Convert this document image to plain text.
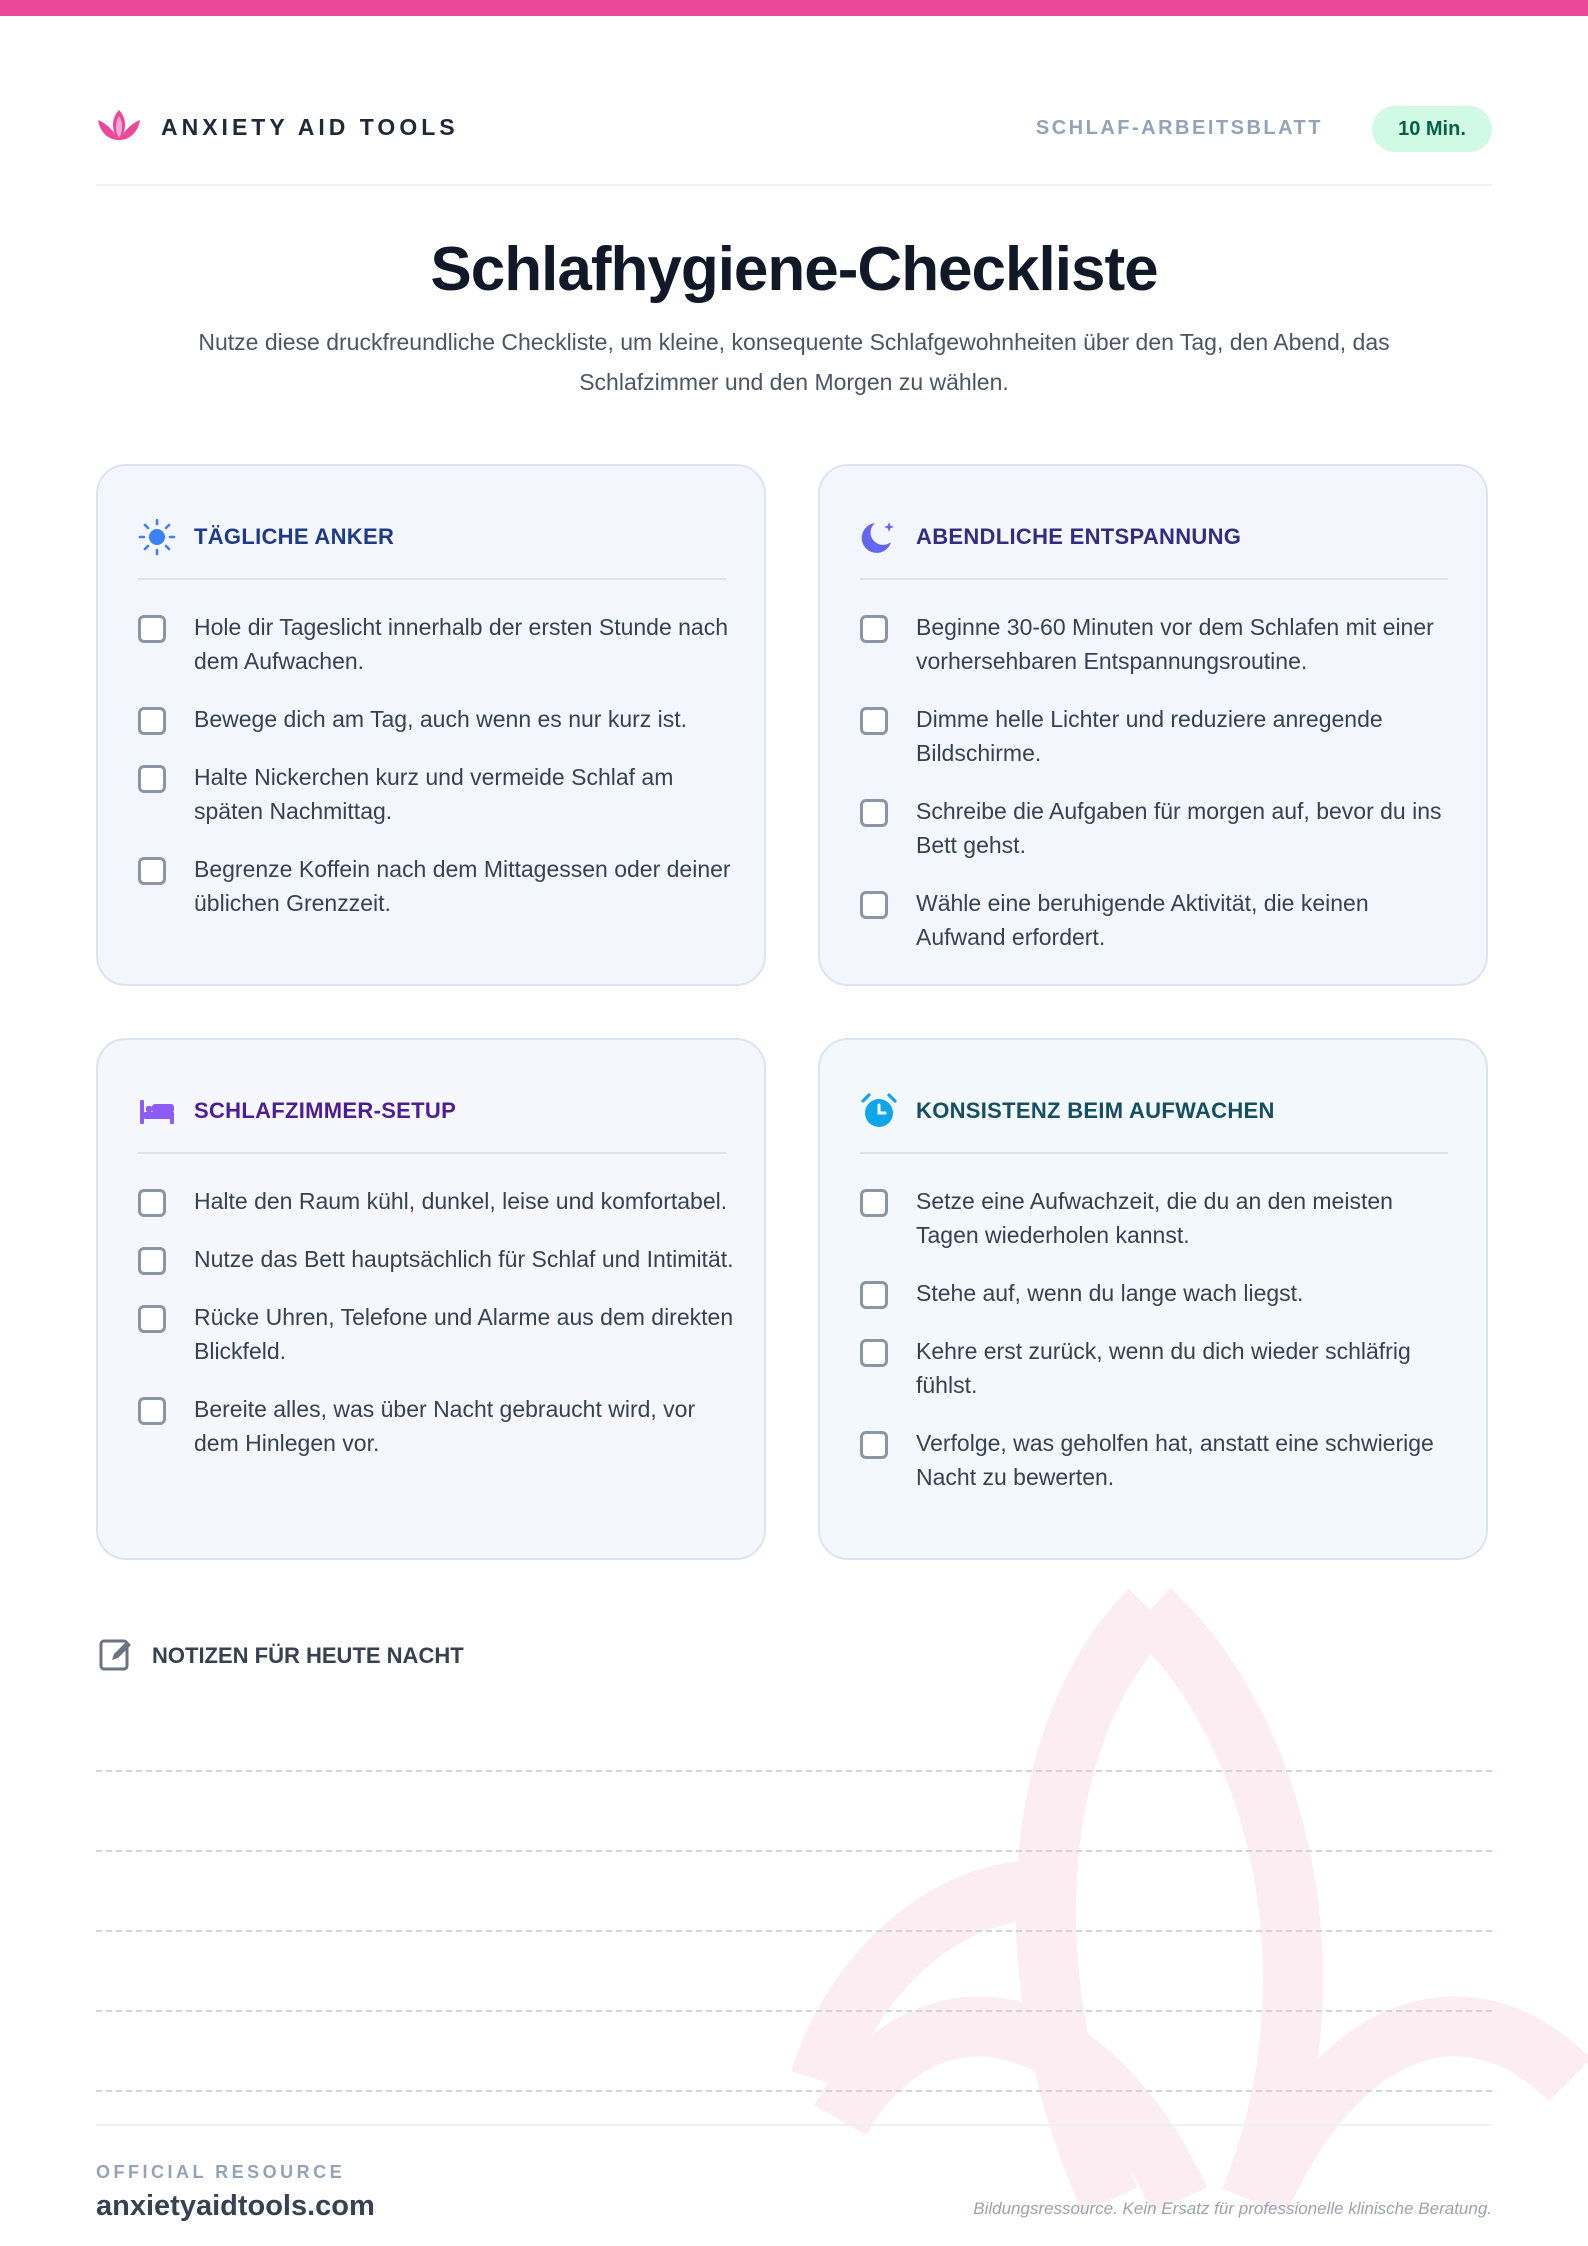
ANXIETY AID TOOLS	SCHLAF-ARBEITSBLATT	10 Min.
Schlafhygiene-Checkliste
Nutze diese druckfreundliche Checkliste, um kleine, konsequente Schlafgewohnheiten über den Tag, den Abend, das Schlafzimmer und den Morgen zu wählen.
TÄGLICHE ANKER
Hole dir Tageslicht innerhalb der ersten Stunde nach dem Aufwachen.
Bewege dich am Tag, auch wenn es nur kurz ist.
Halte Nickerchen kurz und vermeide Schlaf am späten Nachmittag.
Begrenze Koffein nach dem Mittagessen oder deiner üblichen Grenzzeit.
ABENDLICHE ENTSPANNUNG
Beginne 30-60 Minuten vor dem Schlafen mit einer vorhersehbaren Entspannungsroutine.
Dimme helle Lichter und reduziere anregende Bildschirme.
Schreibe die Aufgaben für morgen auf, bevor du ins Bett gehst.
Wähle eine beruhigende Aktivität, die keinen Aufwand erfordert.
SCHLAFZIMMER-SETUP
Halte den Raum kühl, dunkel, leise und komfortabel.
Nutze das Bett hauptsächlich für Schlaf und Intimität.
Rücke Uhren, Telefone und Alarme aus dem direkten Blickfeld.
Bereite alles, was über Nacht gebraucht wird, vor dem Hinlegen vor.
KONSISTENZ BEIM AUFWACHEN
Setze eine Aufwachzeit, die du an den meisten Tagen wiederholen kannst.
Stehe auf, wenn du lange wach liegst.
Kehre erst zurück, wenn du dich wieder schläfrig fühlst.
Verfolge, was geholfen hat, anstatt eine schwierige Nacht zu bewerten.
NOTIZEN FÜR HEUTE NACHT
OFFICIAL RESOURCE
anxietyaidtools.com	Bildungsressource. Kein Ersatz für professionelle klinische Beratung.
